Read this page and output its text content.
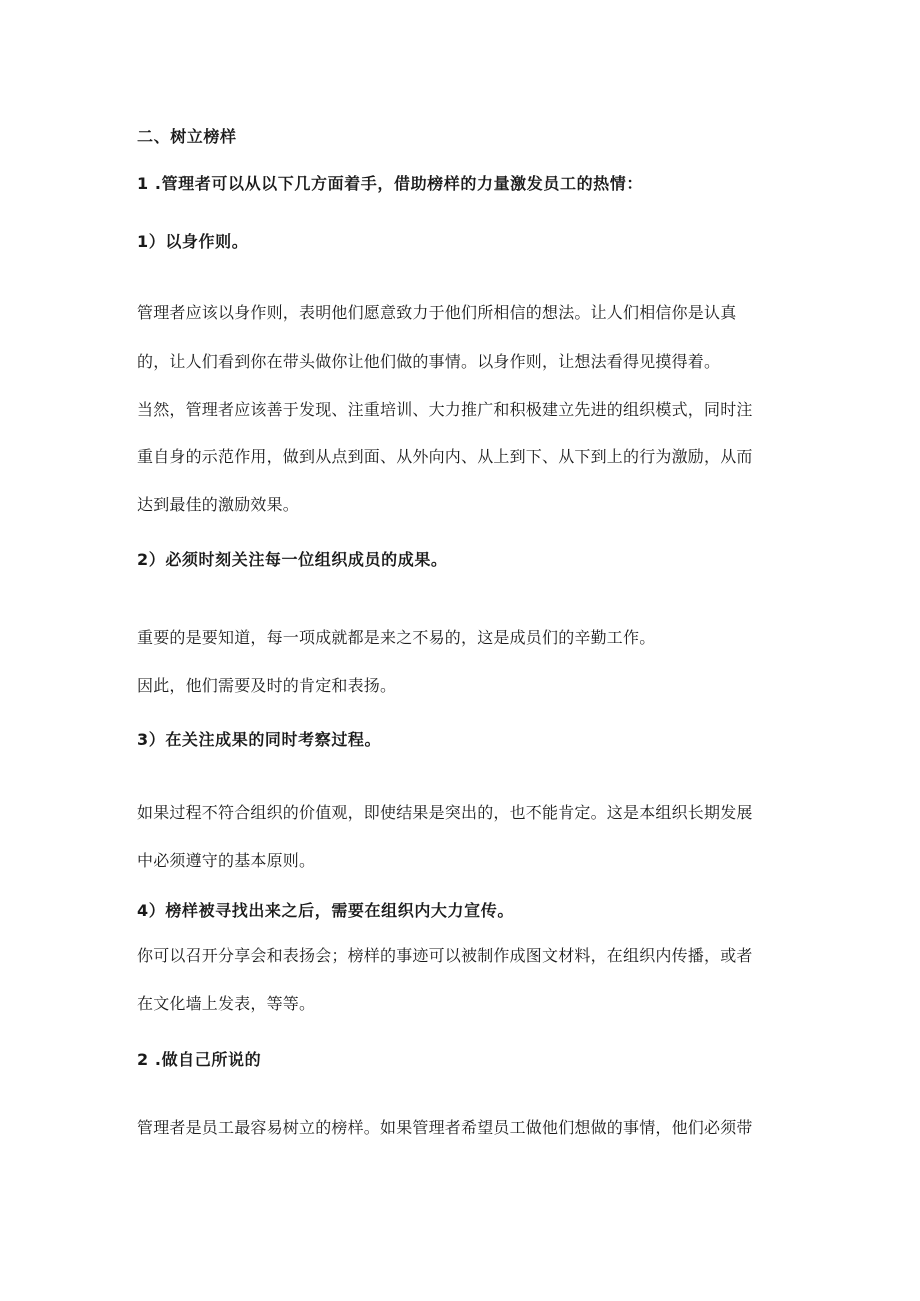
二、树立榜样
1 .管理者可以从以下几方面着手，借助榜样的力量激发员工的热情：
1）以身作则。
管理者应该以身作则，表明他们愿意致力于他们所相信的想法。让人们相信你是认真
的，让人们看到你在带头做你让他们做的事情。以身作则，让想法看得见摸得着。
当然，管理者应该善于发现、注重培训、大力推广和积极建立先进的组织模式，同时注
重自身的示范作用，做到从点到面、从外向内、从上到下、从下到上的行为激励，从而
达到最佳的激励效果。
2）必须时刻关注每一位组织成员的成果。
重要的是要知道，每一项成就都是来之不易的，这是成员们的辛勤工作。
因此，他们需要及时的肯定和表扬。
3）在关注成果的同时考察过程。
如果过程不符合组织的价值观，即使结果是突出的，也不能肯定。这是本组织长期发展
中必须遵守的基本原则。
4）榜样被寻找出来之后，需要在组织内大力宣传。
你可以召开分享会和表扬会；榜样的事迹可以被制作成图文材料，在组织内传播，或者
在文化墙上发表，等等。
2 .做自己所说的
管理者是员工最容易树立的榜样。如果管理者希望员工做他们想做的事情，他们必须带
